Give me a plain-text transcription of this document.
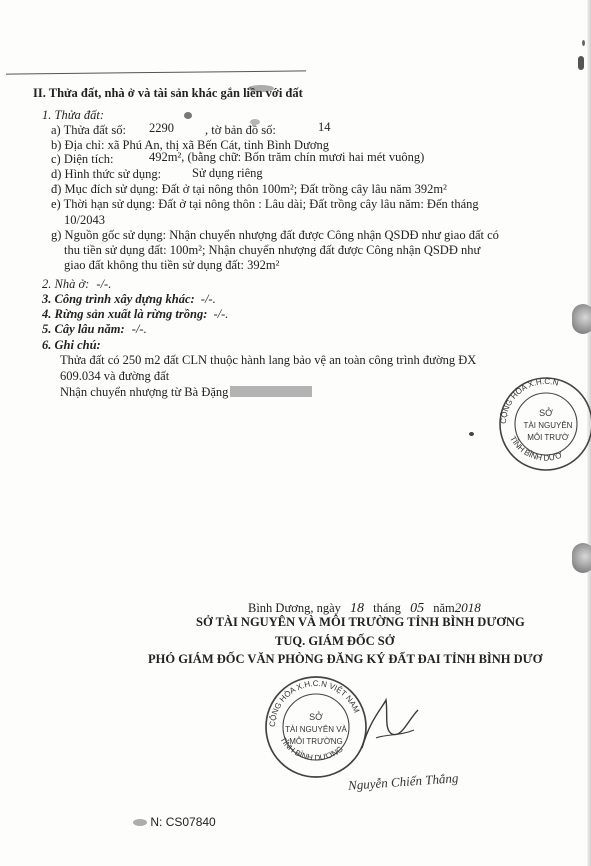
II. Thửa đất, nhà ở và tài sản khác gắn liền với đất
1. Thửa đất:
a) Thửa đất số: 2290 , tờ bản đồ số:	14
b) Địa chỉ: xã Phú An, thị xã Bến Cát, tỉnh Bình Dương
c) Diện tích:	492m², (bằng chữ: Bốn trăm chín mươi hai mét vuông)
d) Hình thức sử dụng: Sử dụng riêng
đ) Mục đích sử dụng: Đất ở tại nông thôn 100m²; Đất trồng cây lâu năm 392m²
e) Thời hạn sử dụng: Đất ở tại nông thôn : Lâu dài; Đất trồng cây lâu năm: Đến tháng
10/2043
g) Nguồn gốc sử dụng: Nhận chuyển nhượng đất được Công nhận QSDĐ như giao đất có
thu tiền sử dụng đất: 100m²; Nhận chuyển nhượng đất được Công nhận QSDĐ như
giao đất không thu tiền sử dụng đất: 392m²
2. Nhà ở: -/-.
3. Công trình xây dựng khác: -/-.
4. Rừng sản xuất là rừng trồng: -/-.
5. Cây lâu năm: -/-.
6. Ghi chú:
Thửa đất có 250 m2 đất CLN thuộc hành lang bảo vệ an toàn công trình đường ĐX
609.034 và đường đất
Nhận chuyển nhượng từ Bà Đặng
CỘNG HÒA X.H.C.N
TỈNH BÌNH DƯƠ
SỞ
TÀI NGUYÊN
MÔI TRƯỜ
Bình Dương, ngày 18 tháng 05 năm2018
SỞ TÀI NGUYÊN VÀ MÔI TRƯỜNG TỈNH BÌNH DƯƠNG
TUQ. GIÁM ĐỐC SỞ
PHÓ GIÁM ĐỐC VĂN PHÒNG ĐĂNG KÝ ĐẤT ĐAI TỈNH BÌNH DƯƠ
CỘNG HÒA X.H.C.N VIỆT NAM
TỈNH BÌNH DƯƠNG
SỞ
TÀI NGUYÊN VÀ
MÔI TRƯỜNG
Nguyễn Chiến Thắng
N: CS07840
